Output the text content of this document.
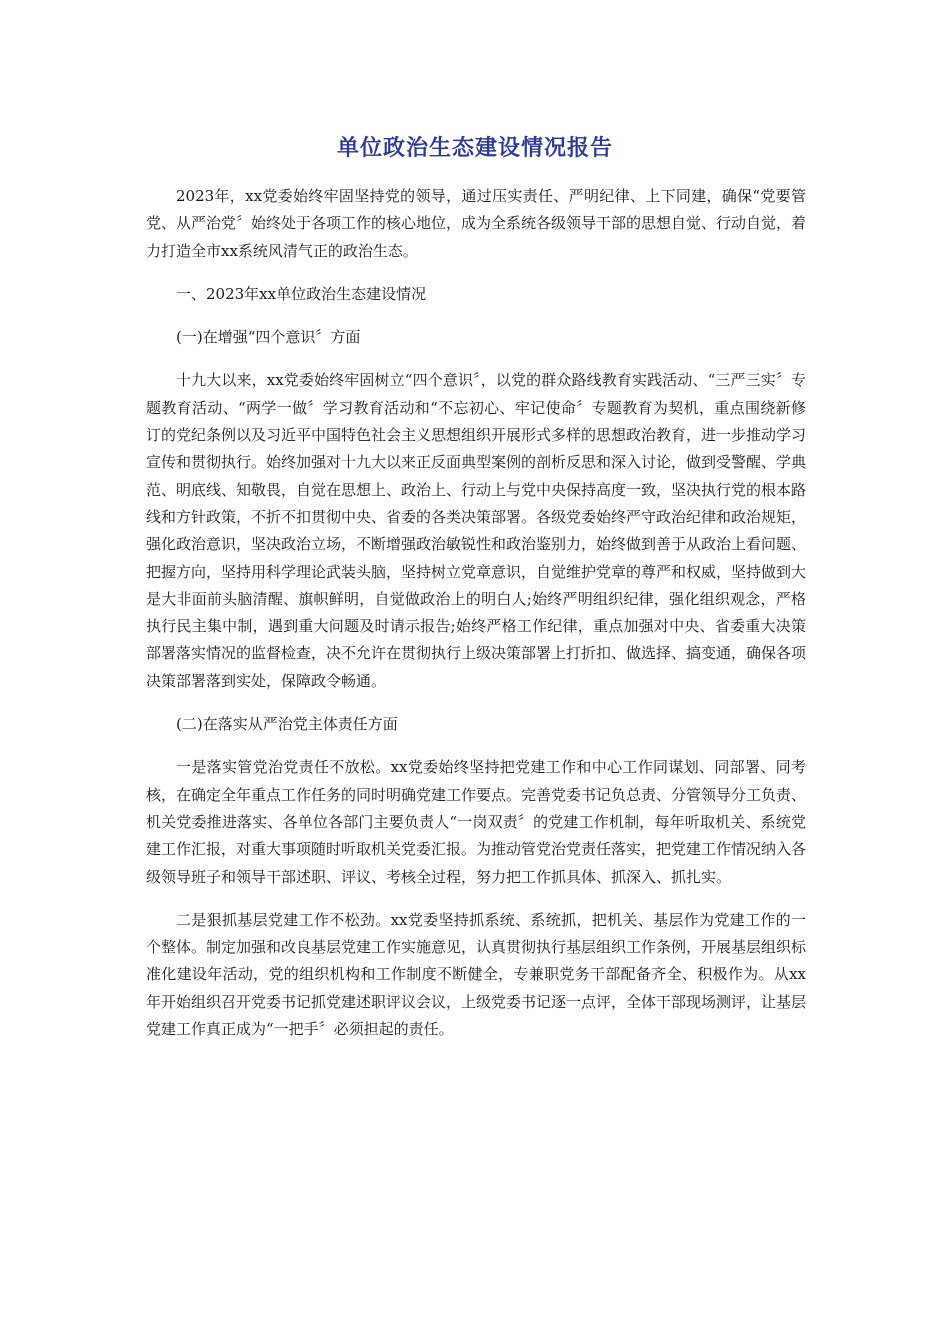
单位政治生态建设情况报告

2023年，xx党委始终牢固坚持党的领导，通过压实责任、严明纪律、上下同建，确保“党要管党、从严治党〞始终处于各项工作的核心地位，成为全系统各级领导干部的思想自觉、行动自觉，着力打造全市xx系统风清气正的政治生态。

一、2023年xx单位政治生态建设情况

(一)在增强“四个意识〞方面

十九大以来，xx党委始终牢固树立“四个意识〞，以党的群众路线教育实践活动、“三严三实〞专题教育活动、“两学一做〞学习教育活动和“不忘初心、牢记使命〞专题教育为契机，重点围绕新修订的党纪条例以及习近平中国特色社会主义思想组织开展形式多样的思想政治教育，进一步推动学习宣传和贯彻执行。始终加强对十九大以来正反面典型案例的剖析反思和深入讨论，做到受警醒、学典范、明底线、知敬畏，自觉在思想上、政治上、行动上与党中央保持高度一致，坚决执行党的根本路线和方针政策，不折不扣贯彻中央、省委的各类决策部署。各级党委始终严守政治纪律和政治规矩，强化政治意识，坚决政治立场，不断增强政治敏锐性和政治鉴别力，始终做到善于从政治上看问题、把握方向，坚持用科学理论武装头脑，坚持树立党章意识，自觉维护党章的尊严和权威，坚持做到大是大非面前头脑清醒、旗帜鲜明，自觉做政治上的明白人;始终严明组织纪律，强化组织观念，严格执行民主集中制，遇到重大问题及时请示报告;始终严格工作纪律，重点加强对中央、省委重大决策部署落实情况的监督检查，决不允许在贯彻执行上级决策部署上打折扣、做选择、搞变通，确保各项决策部署落到实处，保障政令畅通。

(二)在落实从严治党主体责任方面

一是落实管党治党责任不放松。xx党委始终坚持把党建工作和中心工作同谋划、同部署、同考核，在确定全年重点工作任务的同时明确党建工作要点。完善党委书记负总责、分管领导分工负责、机关党委推进落实、各单位各部门主要负责人“一岗双责〞的党建工作机制，每年听取机关、系统党建工作汇报，对重大事项随时听取机关党委汇报。为推动管党治党责任落实，把党建工作情况纳入各级领导班子和领导干部述职、评议、考核全过程，努力把工作抓具体、抓深入、抓扎实。

二是狠抓基层党建工作不松劲。xx党委坚持抓系统、系统抓，把机关、基层作为党建工作的一个整体。制定加强和改良基层党建工作实施意见，认真贯彻执行基层组织工作条例，开展基层组织标准化建设年活动，党的组织机构和工作制度不断健全，专兼职党务干部配备齐全、积极作为。从xx年开始组织召开党委书记抓党建述职评议会议，上级党委书记逐一点评，全体干部现场测评，让基层党建工作真正成为“一把手〞必须担起的责任。
